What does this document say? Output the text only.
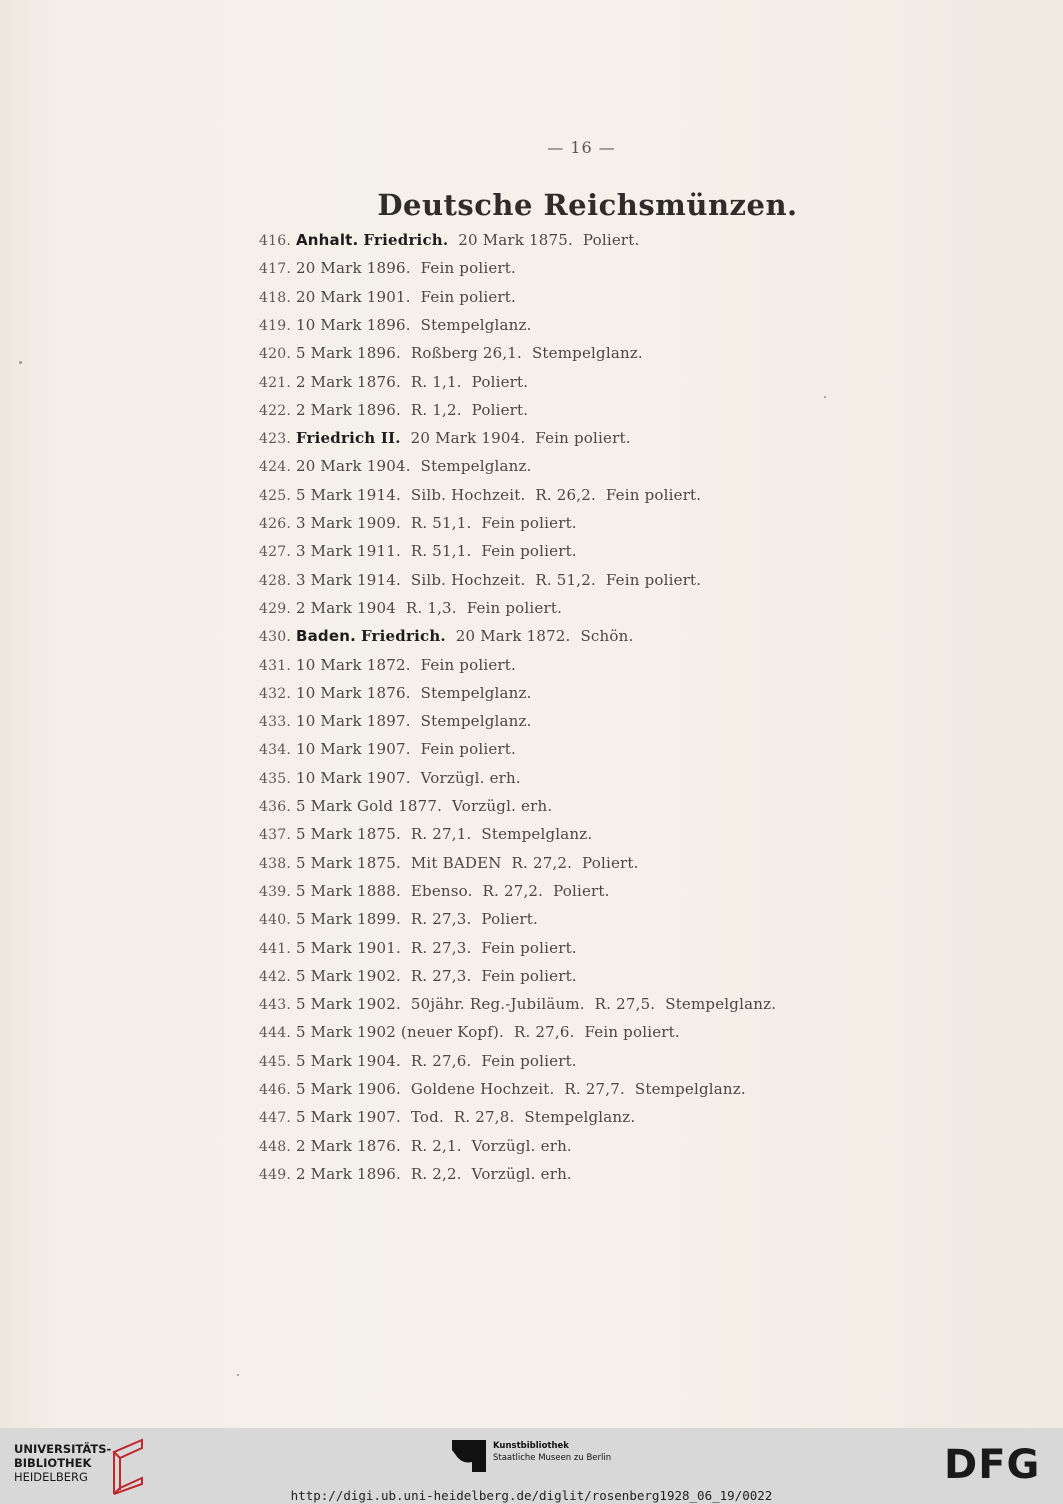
— 16 —
Deutsche Reichsmünzen.
416. Anhalt. Friedrich.  20 Mark 1875.  Poliert.
417. 20 Mark 1896.  Fein poliert.
418. 20 Mark 1901.  Fein poliert.
419. 10 Mark 1896.  Stempelglanz.
420. 5 Mark 1896.  Roßberg 26,1.  Stempelglanz.
421. 2 Mark 1876.  R. 1,1.  Poliert.
422. 2 Mark 1896.  R. 1,2.  Poliert.
423. Friedrich II.  20 Mark 1904.  Fein poliert.
424. 20 Mark 1904.  Stempelglanz.
425. 5 Mark 1914.  Silb. Hochzeit.  R. 26,2.  Fein poliert.
426. 3 Mark 1909.  R. 51,1.  Fein poliert.
427. 3 Mark 1911.  R. 51,1.  Fein poliert.
428. 3 Mark 1914.  Silb. Hochzeit.  R. 51,2.  Fein poliert.
429. 2 Mark 1904  R. 1,3.  Fein poliert.
430. Baden. Friedrich.  20 Mark 1872.  Schön.
431. 10 Mark 1872.  Fein poliert.
432. 10 Mark 1876.  Stempelglanz.
433. 10 Mark 1897.  Stempelglanz.
434. 10 Mark 1907.  Fein poliert.
435. 10 Mark 1907.  Vorzügl. erh.
436. 5 Mark Gold 1877.  Vorzügl. erh.
437. 5 Mark 1875.  R. 27,1.  Stempelglanz.
438. 5 Mark 1875.  Mit BADEN  R. 27,2.  Poliert.
439. 5 Mark 1888.  Ebenso.  R. 27,2.  Poliert.
440. 5 Mark 1899.  R. 27,3.  Poliert.
441. 5 Mark 1901.  R. 27,3.  Fein poliert.
442. 5 Mark 1902.  R. 27,3.  Fein poliert.
443. 5 Mark 1902.  50jähr. Reg.-Jubiläum.  R. 27,5.  Stempelglanz.
444. 5 Mark 1902 (neuer Kopf).  R. 27,6.  Fein poliert.
445. 5 Mark 1904.  R. 27,6.  Fein poliert.
446. 5 Mark 1906.  Goldene Hochzeit.  R. 27,7.  Stempelglanz.
447. 5 Mark 1907.  Tod.  R. 27,8.  Stempelglanz.
448. 2 Mark 1876.  R. 2,1.  Vorzügl. erh.
449. 2 Mark 1896.  R. 2,2.  Vorzügl. erh.
UNIVERSITÄTS-
BIBLIOTHEK
HEIDELBERG
Kunstbibliothek
Staatliche Museen zu Berlin	DFG
http://digi.ub.uni-heidelberg.de/diglit/rosenberg1928_06_19/0022
